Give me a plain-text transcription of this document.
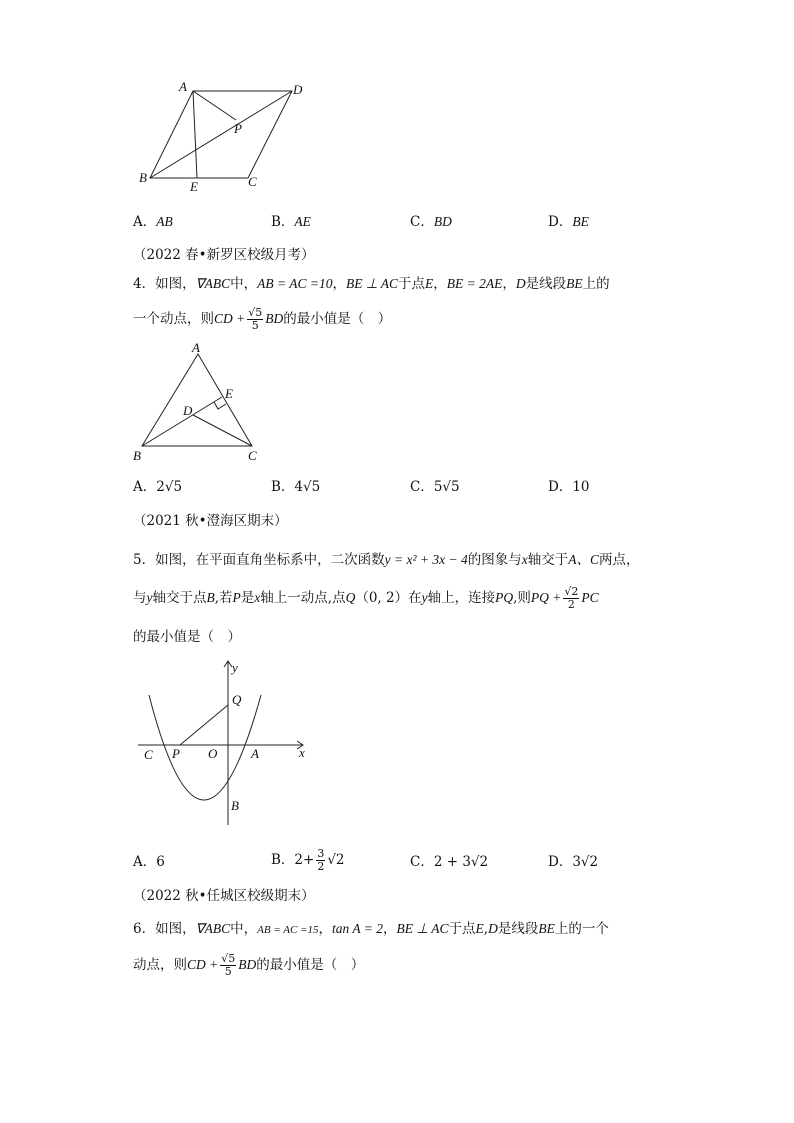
A	D
P
B
E	C
A．AB	B．AE	C．BD	D．BE
（2022 春•新罗区校级月考）
4．如图，∇ABC中，AB = AC =10，BE ⊥ AC于点E，BE = 2AE，D是线段BE上的
一个动点，则CD + $\frac{√5}{5}$ BD的最小值是（　）
A
E
D
B	C
A．2√5	B．4√5	C．5√5	D．10
（2021 秋•澄海区期末）
5．如图，在平面直角坐标系中，二次函数y = x² + 3x − 4的图象与x轴交于A、C两点，
与y轴交于点B,若P是x轴上一动点,点Q（0, 2）在y轴上，连接PQ,则PQ + $\frac{√2}{2}$ PC
的最小值是（　）
y
Q
C P O	A	x
B
A．6	B．$2+ \frac{3}{2} √2$	C．2 + 3√2	D．3√2
（2022 秋•任城区校级期末）
6．如图，∇ABC中，AB = AC =15，tan A = 2，BE ⊥ AC于点E,D是线段BE上的一个
动点，则CD + $\frac{√5}{5}$ BD的最小值是（　）
